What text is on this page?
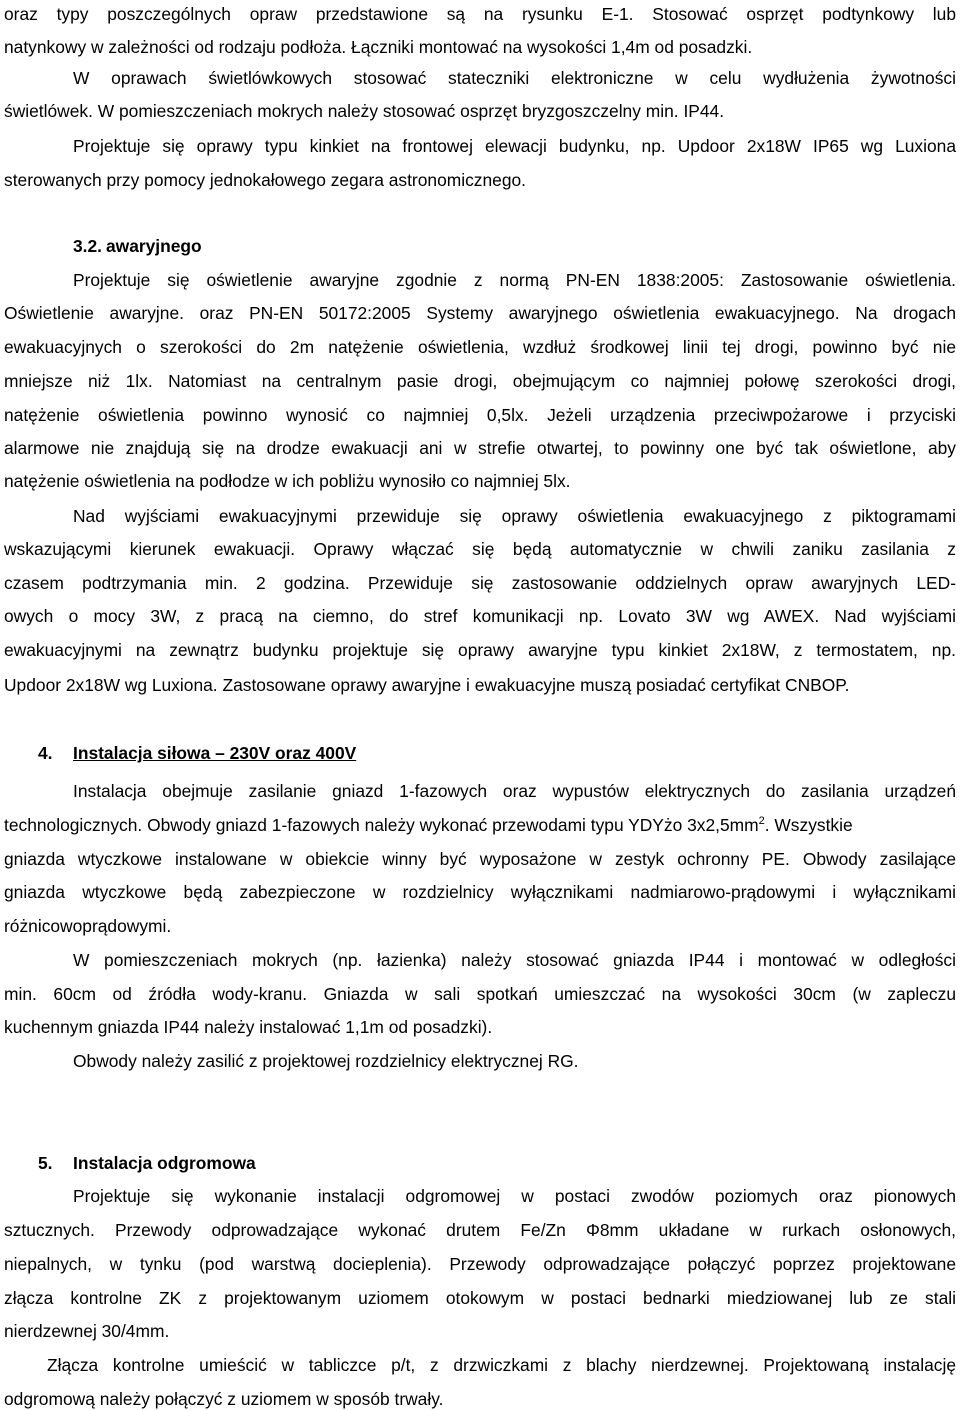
oraz typy poszczególnych opraw przedstawione są na rysunku E-1. Stosować osprzęt podtynkowy lub
natynkowy w zależności od rodzaju podłoża. Łączniki montować na wysokości 1,4m od posadzki.
W oprawach świetlówkowych stosować stateczniki elektroniczne w celu wydłużenia żywotności
świetlówek. W pomieszczeniach mokrych należy stosować osprzęt bryzgoszczelny min. IP44.
Projektuje się oprawy typu kinkiet na frontowej elewacji budynku, np. Updoor 2x18W IP65 wg Luxiona
sterowanych przy pomocy jednokałowego zegara astronomicznego.
3.2. awaryjnego
Projektuje się oświetlenie awaryjne zgodnie z normą PN-EN 1838:2005: Zastosowanie oświetlenia.
Oświetlenie awaryjne. oraz PN-EN 50172:2005 Systemy awaryjnego oświetlenia ewakuacyjnego. Na drogach
ewakuacyjnych o szerokości do 2m natężenie oświetlenia, wzdłuż środkowej linii tej drogi, powinno być nie
mniejsze niż 1lx. Natomiast na centralnym pasie drogi, obejmującym co najmniej połowę szerokości drogi,
natężenie oświetlenia powinno wynosić co najmniej 0,5lx. Jeżeli urządzenia przeciwpożarowe i przyciski
alarmowe nie znajdują się na drodze ewakuacji ani w strefie otwartej, to powinny one być tak oświetlone, aby
natężenie oświetlenia na podłodze w ich pobliżu wynosiło co najmniej 5lx.
Nad wyjściami ewakuacyjnymi przewiduje się oprawy oświetlenia ewakuacyjnego z piktogramami
wskazującymi kierunek ewakuacji. Oprawy włączać się będą automatycznie w chwili zaniku zasilania z
czasem podtrzymania min. 2 godzina. Przewiduje się zastosowanie oddzielnych opraw awaryjnych LED-
owych o mocy 3W, z pracą na ciemno, do stref komunikacji np. Lovato 3W wg AWEX. Nad wyjściami
ewakuacyjnymi na zewnątrz budynku projektuje się oprawy awaryjne typu kinkiet 2x18W, z termostatem, np.
Updoor 2x18W wg Luxiona. Zastosowane oprawy awaryjne i ewakuacyjne muszą posiadać certyfikat CNBOP.
4. Instalacja siłowa – 230V oraz 400V
Instalacja obejmuje zasilanie gniazd 1-fazowych oraz wypustów elektrycznych do zasilania urządzeń
technologicznych. Obwody gniazd 1-fazowych należy wykonać przewodami typu YDYżo $3x2,5mm^2$. Wszystkie
gniazda wtyczkowe instalowane w obiekcie winny być wyposażone w zestyk ochronny PE. Obwody zasilające
gniazda wtyczkowe będą zabezpieczone w rozdzielnicy wyłącznikami nadmiarowo-prądowymi i wyłącznikami
różnicowoprądowymi.
W pomieszczeniach mokrych (np. łazienka) należy stosować gniazda IP44 i montować w odległości
min. 60cm od źródła wody-kranu. Gniazda w sali spotkań umieszczać na wysokości 30cm (w zapleczu
kuchennym gniazda IP44 należy instalować 1,1m od posadzki).
Obwody należy zasilić z projektowej rozdzielnicy elektrycznej RG.
5. Instalacja odgromowa
Projektuje się wykonanie instalacji odgromowej w postaci zwodów poziomych oraz pionowych
sztucznych. Przewody odprowadzające wykonać drutem Fe/Zn Φ8mm układane w rurkach osłonowych,
niepalnych, w tynku (pod warstwą docieplenia). Przewody odprowadzające połączyć poprzez projektowane
złącza kontrolne ZK z projektowanym uziomem otokowym w postaci bednarki miedziowanej lub ze stali
nierdzewnej 30/4mm.
Złącza kontrolne umieścić w tabliczce p/t, z drzwiczkami z blachy nierdzewnej. Projektowaną instalację
odgromową należy połączyć z uziomem w sposób trwały.
